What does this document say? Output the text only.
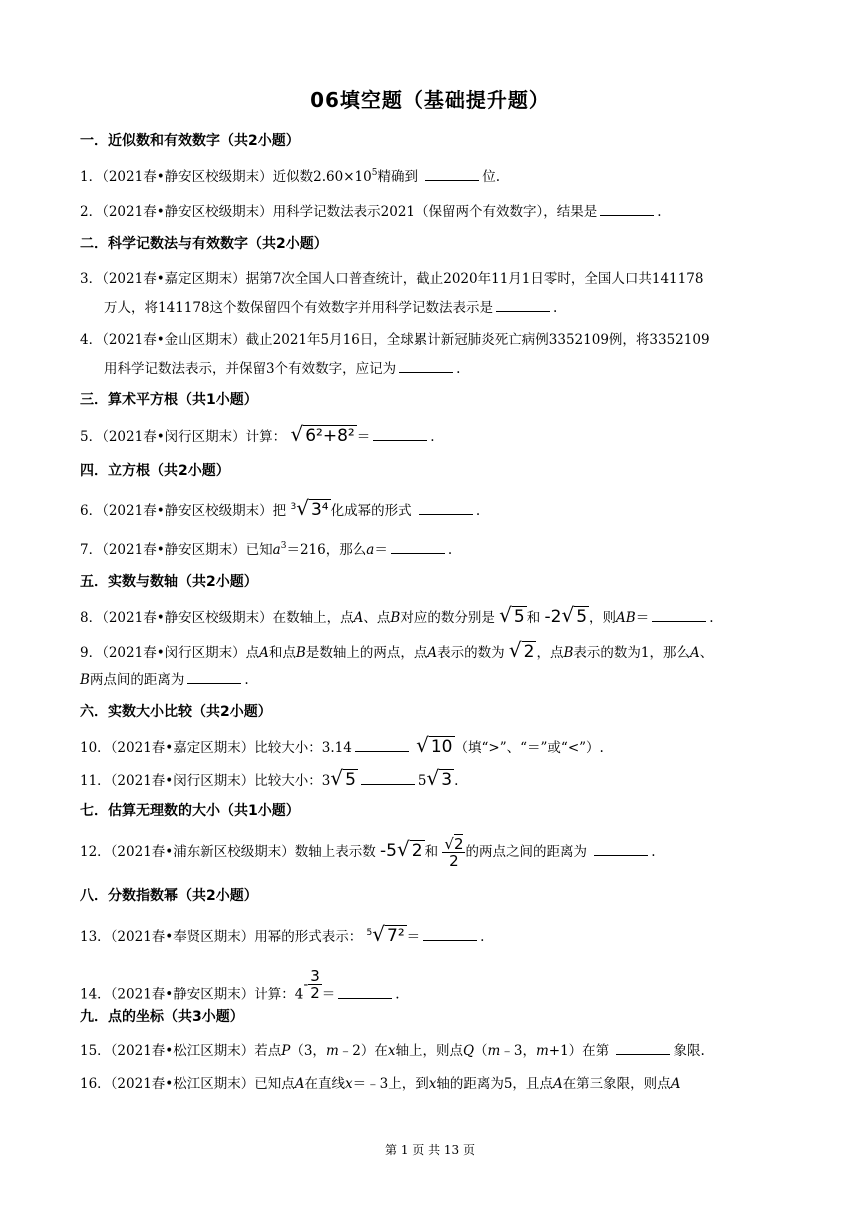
06填空题（基础提升题）
一．近似数和有效数字（共2小题）
1．（2021春•静安区校级期末）近似数$2.60\times 10^5$精确到	位.
2．（2021春•静安区校级期末）用科学记数法表示2021（保留两个有效数字），结果是	.
二．科学记数法与有效数字（共2小题）
3．（2021春•嘉定区期末）据第7次全国人口普查统计，截止2020年11月1日零时，全国人口共141178
万人，将141178这个数保留四个有效数字并用科学记数法表示是	.
4．（2021春•金山区期末）截止2021年5月16日，全球累计新冠肺炎死亡病例3352109例，将3352109
用科学记数法表示，并保留3个有效数字，应记为	.
三．算术平方根（共1小题）
5．（2021春•闵行区期末）计算： √ 6²+8² ＝	.
四．立方根（共2小题）
6．（2021春•静安区校级期末）把 $^3$√ 3⁴ 化成幂的形式	.
7．（2021春•静安区期末）已知$a^3=216$，那么a＝	.
五．实数与数轴（共2小题）
8．（2021春•静安区校级期末）在数轴上，点A、点B对应的数分别是 √ 5 和 -2√ 5 ，则AB＝	.
9．（2021春•闵行区期末）点A和点B是数轴上的两点，点A表示的数为 √ 2 ，点B表示的数为1，那么A、
B两点间的距离为	.
六．实数大小比较（共2小题）
10．（2021春•嘉定区期末）比较大小：3.14	√ 10 （填“>”、“＝”或“<”）.
11．（2021春•闵行区期末）比较大小：3√ 5	5√ 3 .
七．估算无理数的大小（共1小题）
12．（2021春•浦东新区校级期末）数轴上表示数 -5√ 2 和 $\frac{√2}{2}$ 的两点之间的距离为	.
八．分数指数幂（共2小题）
13．（2021春•奉贤区期末）用幂的形式表示： $^5$√ 7² ＝	.
14．（2021春•静安区期末）计算：$4- \frac{3}{2}$ ＝	.
九．点的坐标（共3小题）
15．（2021春•松江区期末）若点P（3，m﹣2）在x轴上，则点Q（m﹣3，m+1）在第	象限.
16．（2021春•松江区期末）已知点A在直线x＝﹣3上，到x轴的距离为5，且点A在第三象限，则点A
第 1 页 共 13 页
